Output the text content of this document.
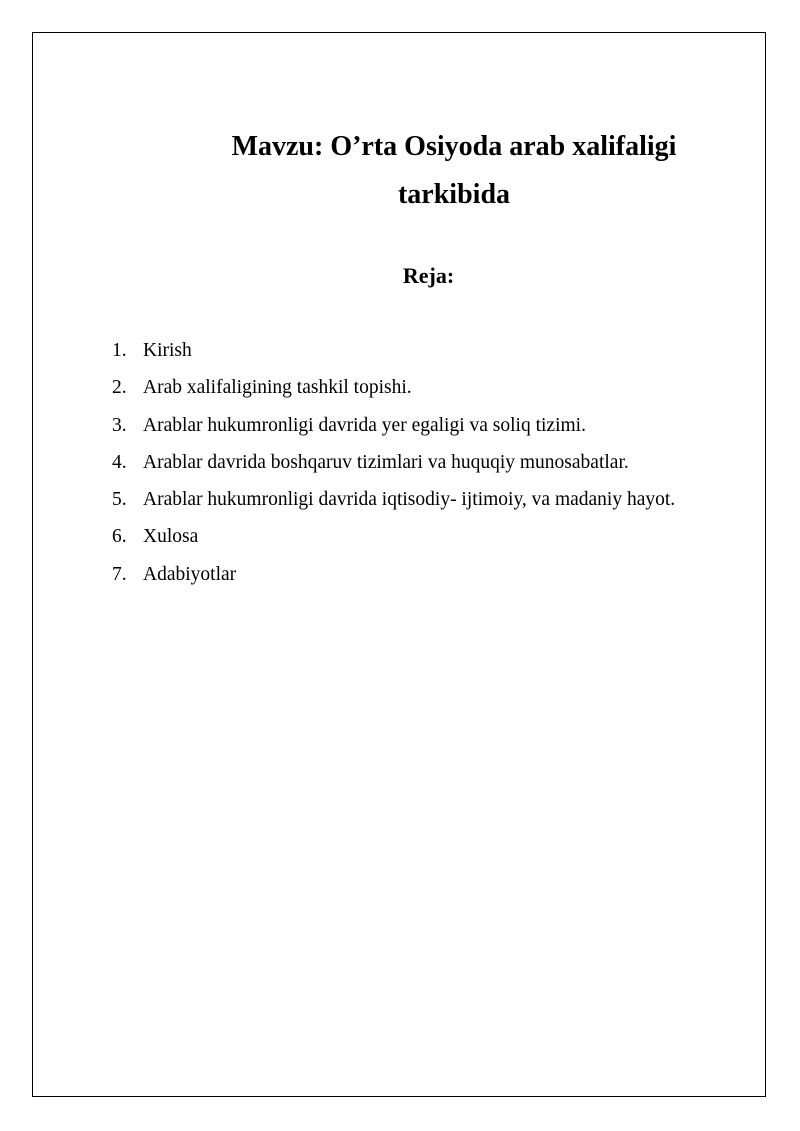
Mavzu: O’rta Osiyoda arab xalifaligi tarkibida
Reja:
1. Kirish
2. Arab xalifaligining tashkil topishi.
3. Arablar hukumronligi davrida yer egaligi va soliq tizimi.
4. Arablar davrida boshqaruv tizimlari va huquqiy munosabatlar.
5. Arablar hukumronligi davrida iqtisodiy- ijtimoiy, va madaniy hayot.
6. Xulosa
7. Adabiyotlar
